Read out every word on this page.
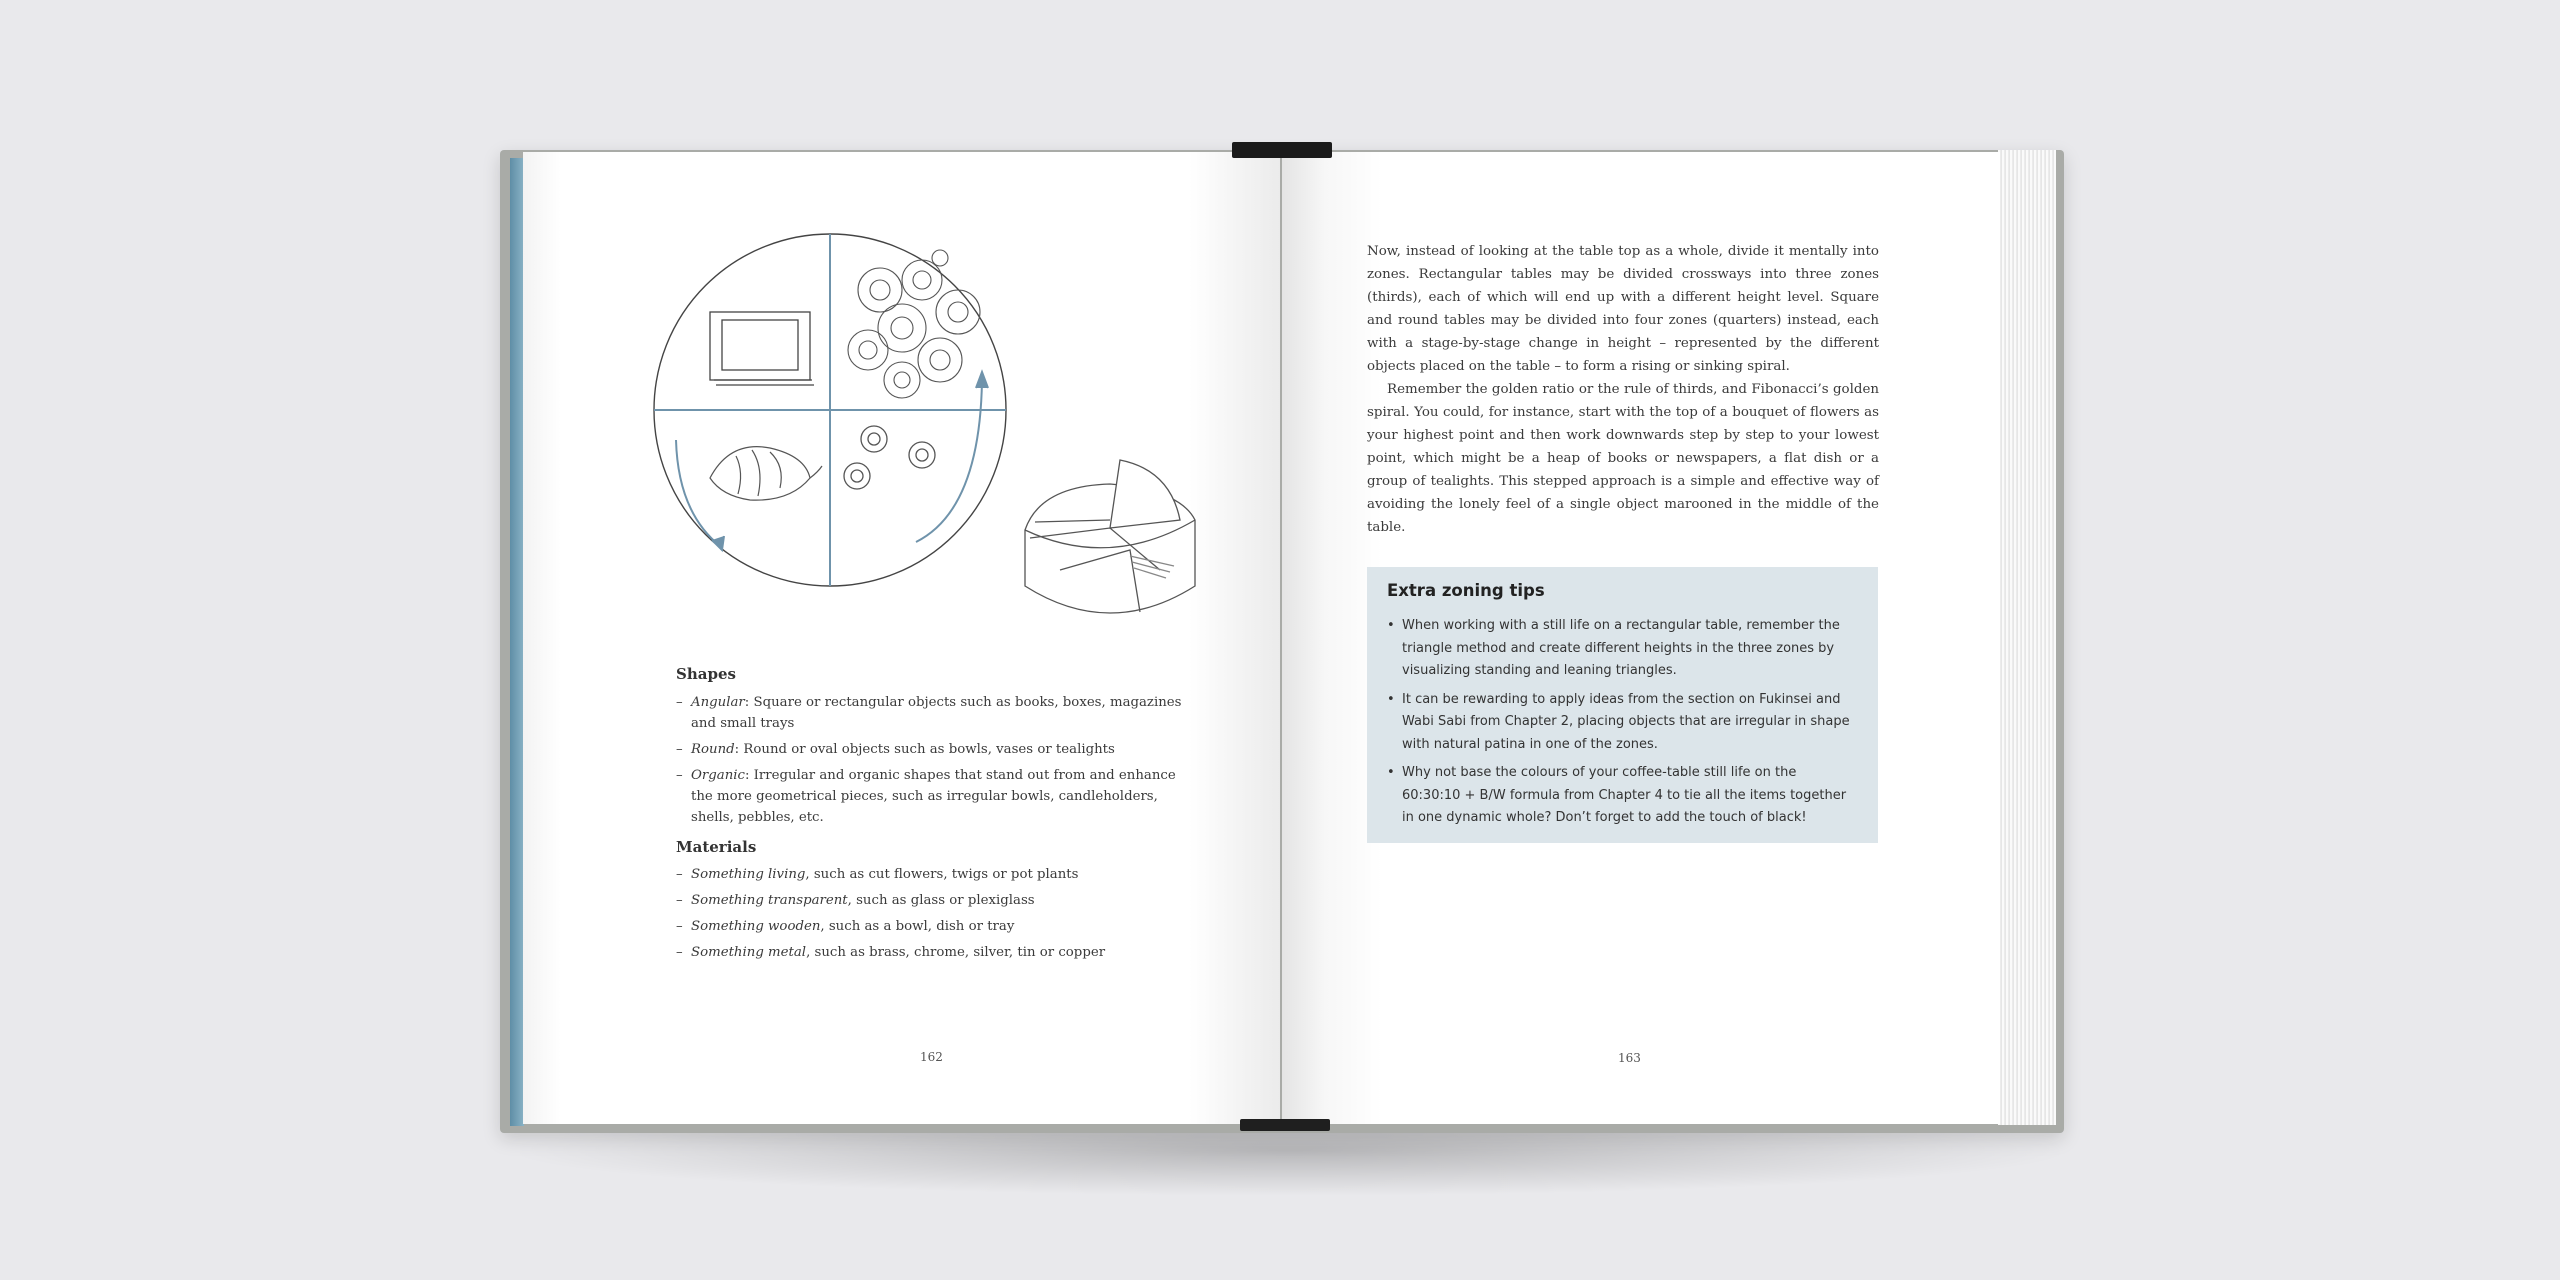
Shapes
– Angular: Square or rectangular objects such as books, boxes, magazines and small trays
– Round: Round or oval objects such as bowls, vases or tealights
– Organic: Irregular and organic shapes that stand out from and enhance the more geometrical pieces, such as irregular bowls, candleholders, shells, pebbles, etc.
Materials
– Something living, such as cut flowers, twigs or pot plants
– Something transparent, such as glass or plexiglass
– Something wooden, such as a bowl, dish or tray
– Something metal, such as brass, chrome, silver, tin or copper
162

Now, instead of looking at the table top as a whole, divide it mentally into zones. Rectangular tables may be divided crossways into three zones (thirds), each of which will end up with a different height level. Square and round tables may be divided into four zones (quarters) instead, each with a stage-by-stage change in height – represented by the different objects placed on the table – to form a rising or sinking spiral.

Remember the golden ratio or the rule of thirds, and Fibonacci’s golden spiral. You could, for instance, start with the top of a bouquet of flowers as your highest point and then work downwards step by step to your lowest point, which might be a heap of books or newspapers, a flat dish or a group of tealights. This stepped approach is a simple and effective way of avoiding the lonely feel of a single object marooned in the middle of the table.

Extra zoning tips
• When working with a still life on a rectangular table, remember the triangle method and create different heights in the three zones by visualizing standing and leaning triangles.
• It can be rewarding to apply ideas from the section on Fukinsei and Wabi Sabi from Chapter 2, placing objects that are irregular in shape with natural patina in one of the zones.
• Why not base the colours of your coffee-table still life on the 60:30:10 + B/W formula from Chapter 4 to tie all the items together in one dynamic whole? Don’t forget to add the touch of black!
163
